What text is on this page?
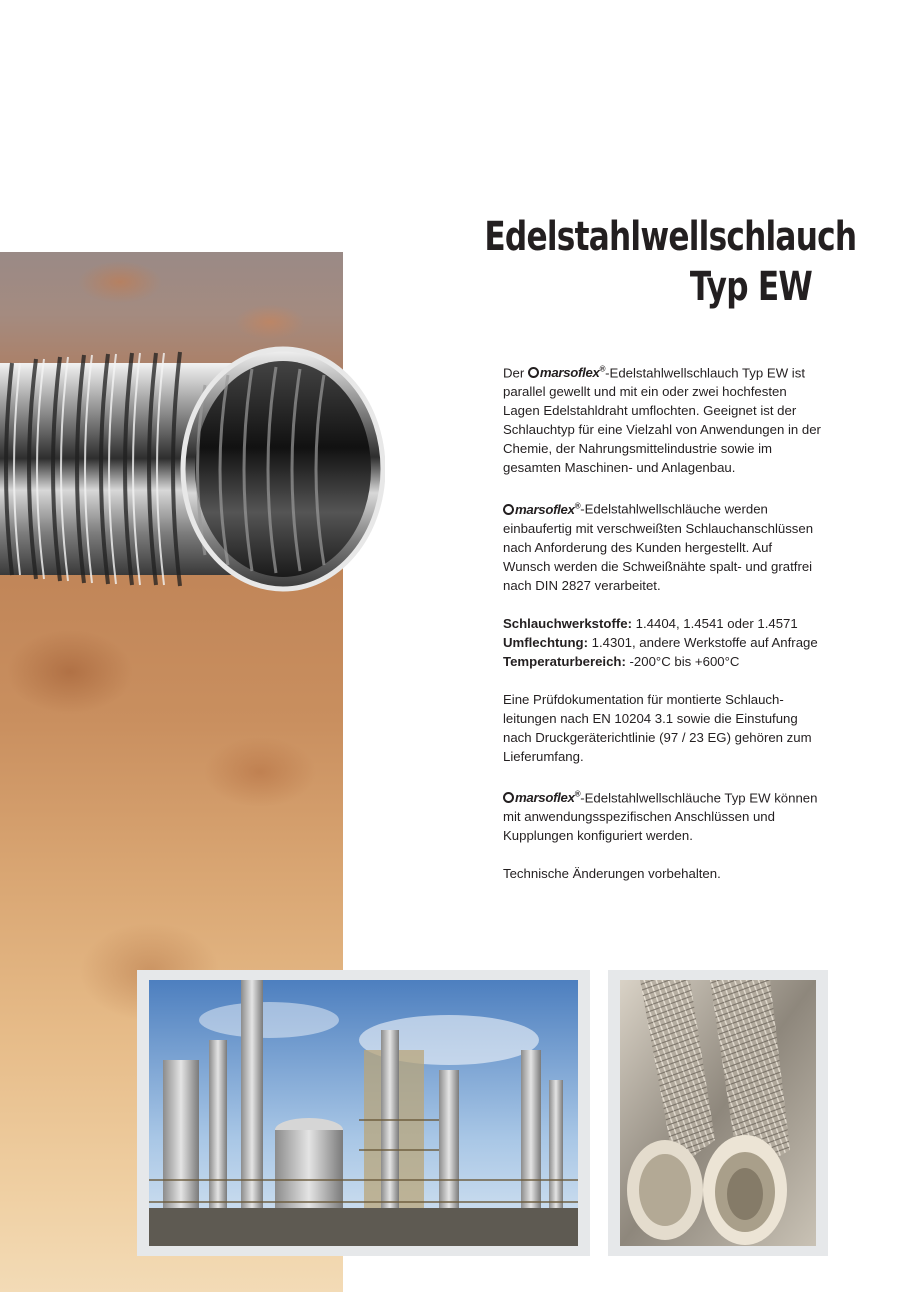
Edelstahlwellschlauch
Typ EW

Der marsoflex®-Edelstahlwellschlauch Typ EW ist parallel gewellt und mit ein oder zwei hochfesten Lagen Edelstahldraht umflochten. Geeignet ist der Schlauchtyp für eine Vielzahl von Anwendungen in der Chemie, der Nahrungsmittelindustrie sowie im gesamten Maschinen- und Anlagenbau.

marsoflex®-Edelstahlwellschläuche werden einbaufertig mit verschweißten Schlauchanschlüssen nach Anforderung des Kunden hergestellt. Auf Wunsch werden die Schweißnähte spalt- und gratfrei nach DIN 2827 verarbeitet.

Schlauchwerkstoffe: 1.4404, 1.4541 oder 1.4571
Umflechtung: 1.4301, andere Werkstoffe auf Anfrage
Temperaturbereich: -200°C bis +600°C

Eine Prüfdokumentation für montierte Schlauchleitungen nach EN 10204 3.1 sowie die Einstufung nach Druckgeräterichtlinie (97 / 23 EG) gehören zum Lieferumfang.

marsoflex®-Edelstahlwellschläuche Typ EW können mit anwendungsspezifischen Anschlüssen und Kupplungen konfiguriert werden.

Technische Änderungen vorbehalten.
